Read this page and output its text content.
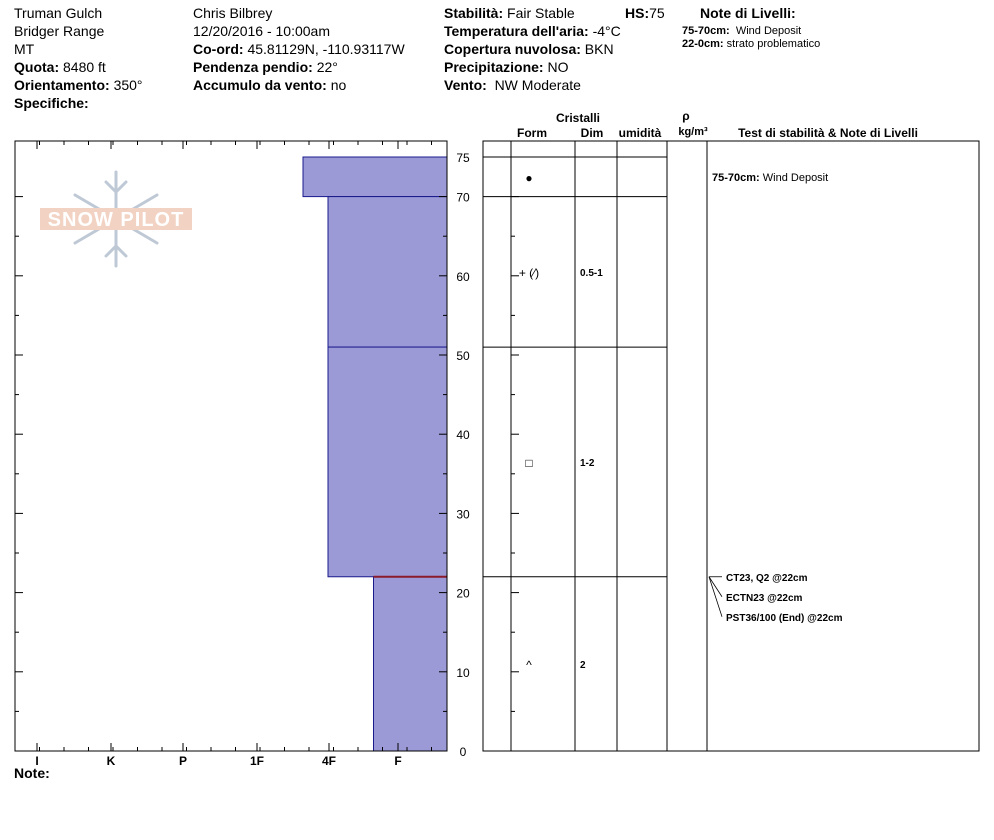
Truman Gulch
Bridger Range
MT
Quota: 8480 ft
Orientamento: 350°
Specifiche:
Chris Bilbrey
12/20/2016 - 10:00am
Co-ord: 45.81129N, -110.93117W
Pendenza pendio: 22°
Accumulo da vento: no
Stabilità: Fair Stable
Temperatura dell'aria: -4°C
Copertura nuvolosa: BKN
Precipitazione: NO
Vento: NW Moderate
HS:75	Note di Livelli:
75-70cm: Wind Deposit
22-0cm: strato problematico
SNOW PILOT
I	K	P	1F	4F	F
0
10
20
30
40
50
60
70
75
Cristalli
Form	Dim umidità
ρ
kg/m³	Test di stabilità & Note di Livelli
●
+ (⁄)	0.5-1
□	1-2
^	2
75-70cm: Wind Deposit
CT23, Q2 @22cm
ECTN23 @22cm
PST36/100 (End) @22cm
Note:
